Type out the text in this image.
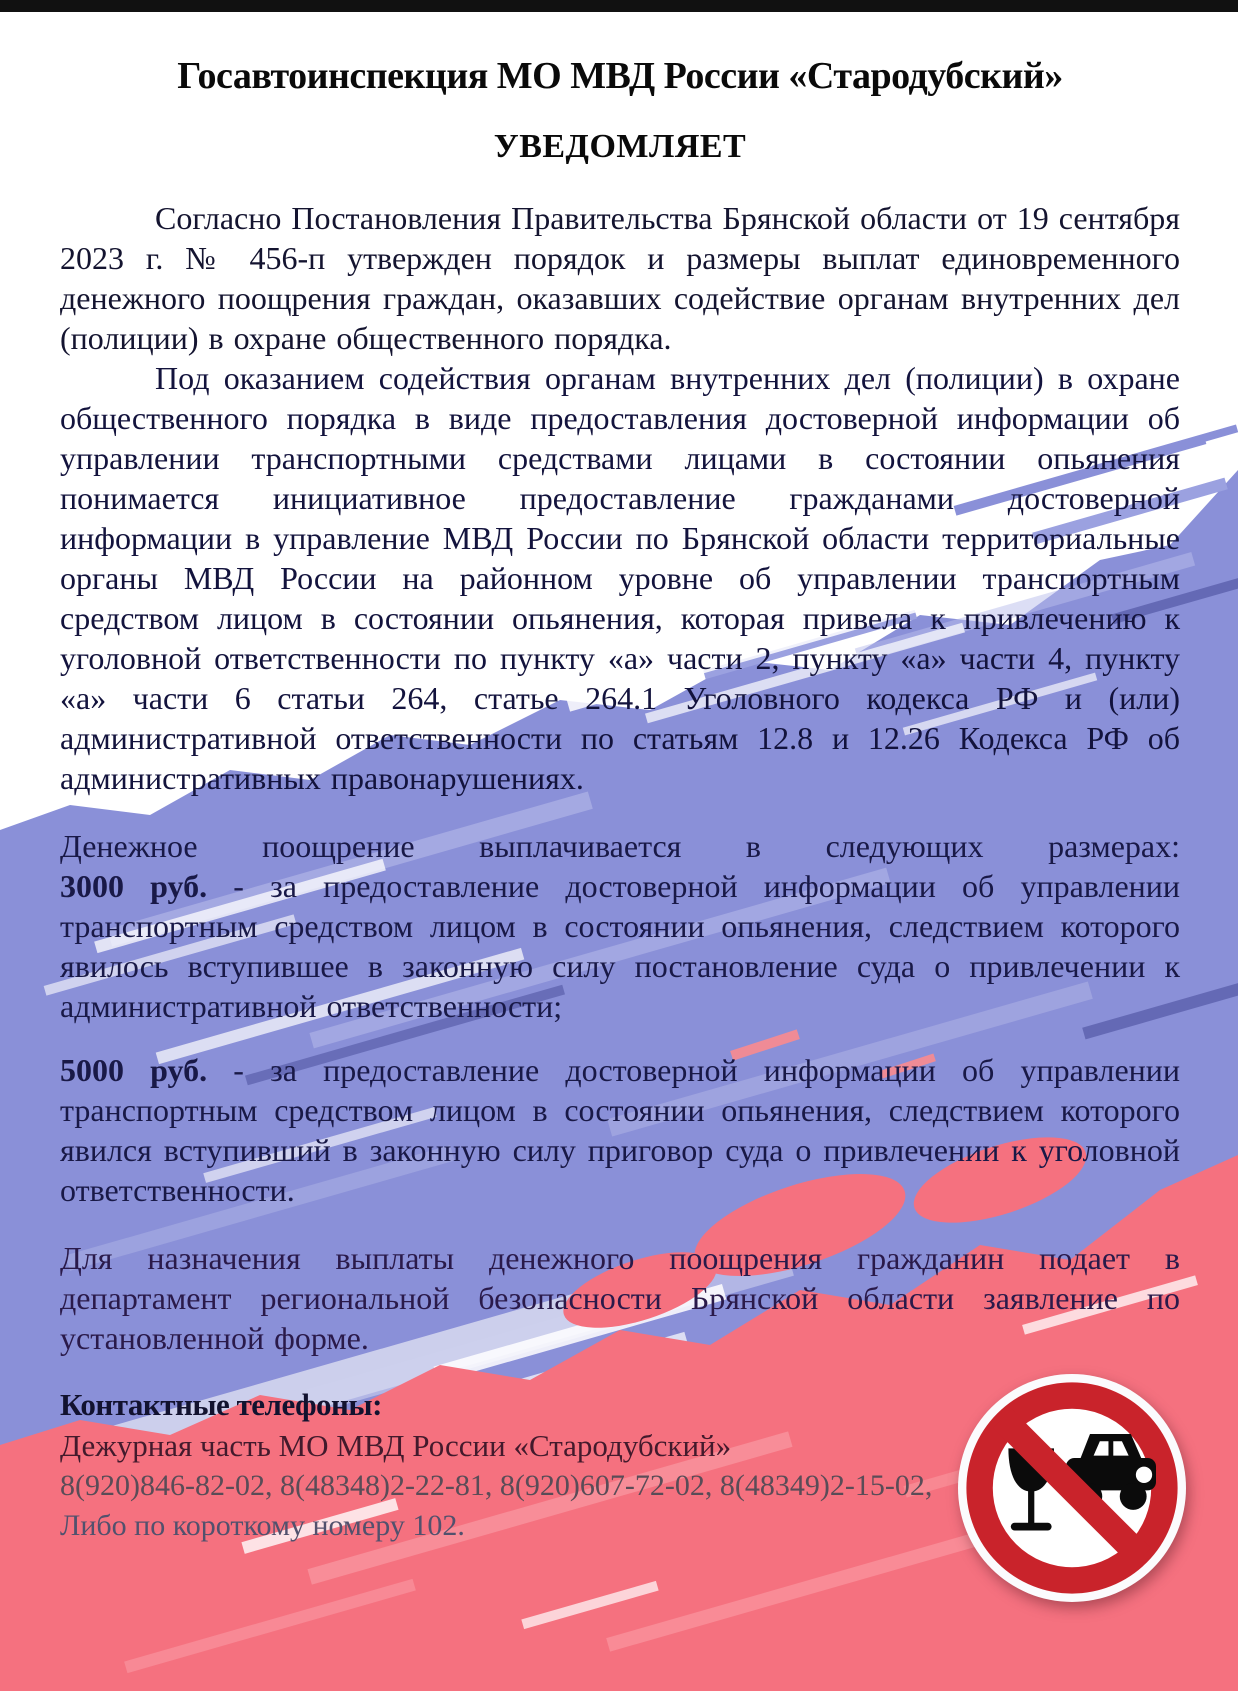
Госавтоинспекция МО МВД России «Стародубский»
УВЕДОМЛЯЕТ

Согласно Постановления Правительства Брянской области от 19 сентября 2023 г. № 456-п утвержден порядок и размеры выплат единовременного денежного поощрения граждан, оказавших содействие органам внутренних дел (полиции) в охране общественного порядка.

Под оказанием содействия органам внутренних дел (полиции) в охране общественного порядка в виде предоставления достоверной информации об управлении транспортными средствами лицами в состоянии опьянения понимается инициативное предоставление гражданами достоверной информации в управление МВД России по Брянской области территориальные органы МВД России на районном уровне об управлении транспортным средством лицом в состоянии опьянения, которая привела к привлечению к уголовной ответственности по пункту «а» части 2, пункту «а» части 4, пункту «а» части 6 статьи 264, статье 264.1 Уголовного кодекса РФ и (или) административной ответственности по статьям 12.8 и 12.26 Кодекса РФ об административных правонарушениях.

Денежное поощрение выплачивается в следующих размерах:

3000 руб. - за предоставление достоверной информации об управлении транспортным средством лицом в состоянии опьянения, следствием которого явилось вступившее в законную силу постановление суда о привлечении к административной ответственности;

5000 руб. - за предоставление достоверной информации об управлении транспортным средством лицом в состоянии опьянения, следствием которого явился вступивший в законную силу приговор суда о привлечении к уголовной ответственности.

Для назначения выплаты денежного поощрения гражданин подает в департамент региональной безопасности Брянской области заявление по установленной форме.

Контактные телефоны:

Дежурная часть МО МВД России «Стародубский»

8(920)846-82-02, 8(48348)2-22-81, 8(920)607-72-02, 8(48349)2-15-02,

Либо по короткому номеру 102.
